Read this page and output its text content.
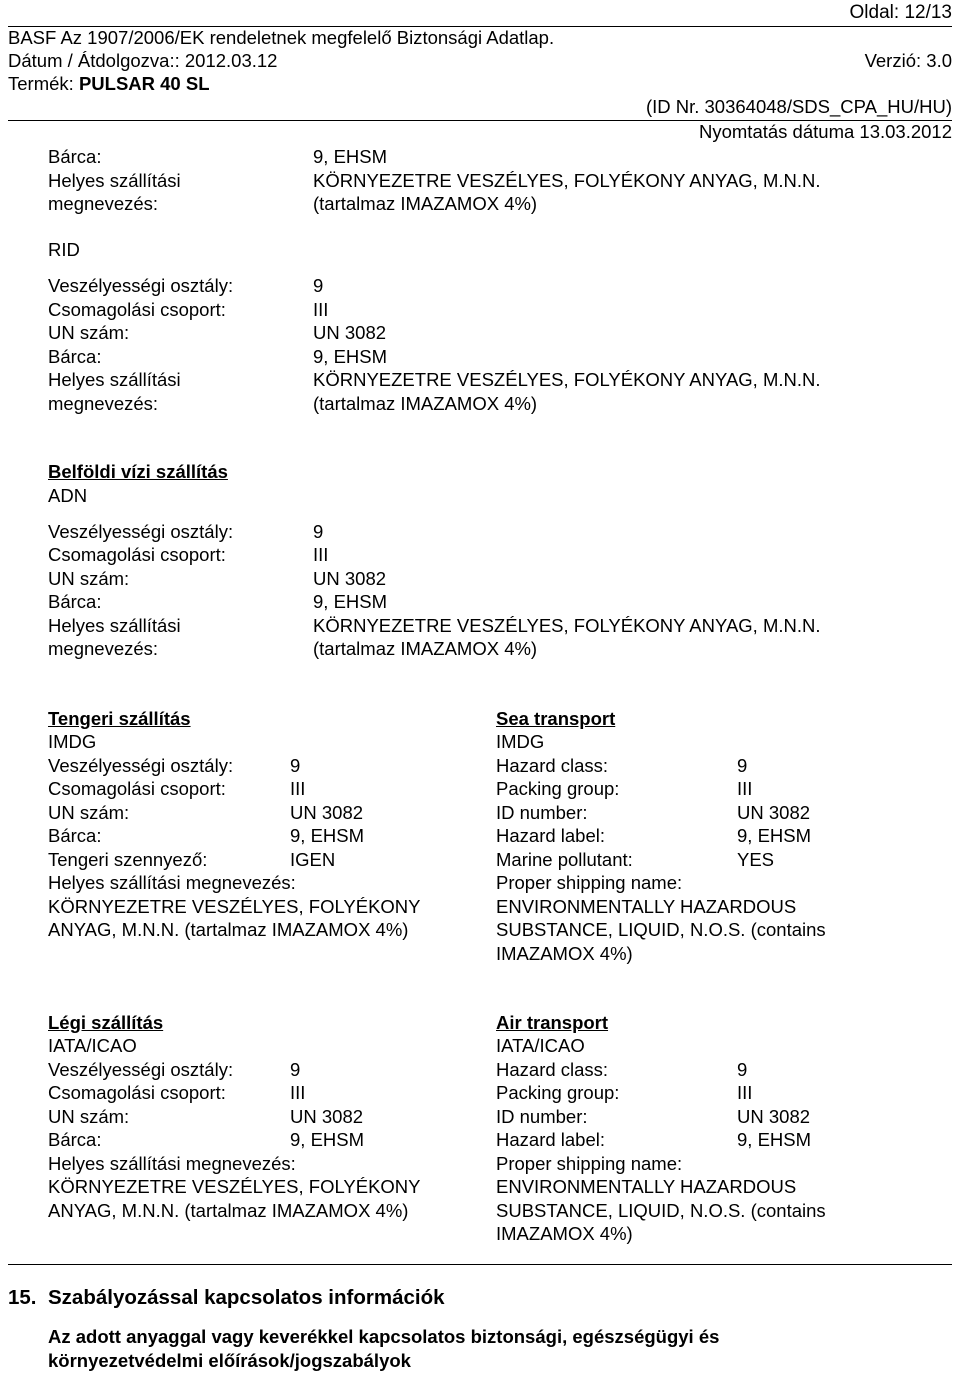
Oldal: 12/13
BASF Az 1907/2006/EK rendeletnek megfelelő Biztonsági Adatlap.
Dátum / Átdolgozva:: 2012.03.12	Verzió: 3.0
Termék: PULSAR 40 SL
(ID Nr. 30364048/SDS_CPA_HU/HU)
Nyomtatás dátuma 13.03.2012
Bárca:	9, EHSM
Helyes szállítási	KÖRNYEZETRE VESZÉLYES, FOLYÉKONY ANYAG, M.N.N.
megnevezés:	(tartalmaz IMAZAMOX 4%)
RID
Veszélyességi osztály:	9
Csomagolási csoport:	III
UN szám:	UN 3082
Bárca:	9, EHSM
Helyes szállítási	KÖRNYEZETRE VESZÉLYES, FOLYÉKONY ANYAG, M.N.N.
megnevezés:	(tartalmaz IMAZAMOX 4%)
Belföldi vízi szállítás
ADN
Veszélyességi osztály:	9
Csomagolási csoport:	III
UN szám:	UN 3082
Bárca:	9, EHSM
Helyes szállítási	KÖRNYEZETRE VESZÉLYES, FOLYÉKONY ANYAG, M.N.N.
megnevezés:	(tartalmaz IMAZAMOX 4%)
Tengeri szállítás
IMDG
Veszélyességi osztály:	9
Csomagolási csoport:	III
UN szám:	UN 3082
Bárca:	9, EHSM
Tengeri szennyező:	IGEN
Helyes szállítási megnevezés:
KÖRNYEZETRE VESZÉLYES, FOLYÉKONY
ANYAG, M.N.N. (tartalmaz IMAZAMOX 4%)
Sea transport
IMDG
Hazard class:	9
Packing group:	III
ID number:	UN 3082
Hazard label:	9, EHSM
Marine pollutant:	YES
Proper shipping name:
ENVIRONMENTALLY HAZARDOUS
SUBSTANCE, LIQUID, N.O.S. (contains
IMAZAMOX 4%)
Légi szállítás
IATA/ICAO
Veszélyességi osztály:	9
Csomagolási csoport:	III
UN szám:	UN 3082
Bárca:	9, EHSM
Helyes szállítási megnevezés:
KÖRNYEZETRE VESZÉLYES, FOLYÉKONY
ANYAG, M.N.N. (tartalmaz IMAZAMOX 4%)
Air transport
IATA/ICAO
Hazard class:	9
Packing group:	III
ID number:	UN 3082
Hazard label:	9, EHSM
Proper shipping name:
ENVIRONMENTALLY HAZARDOUS
SUBSTANCE, LIQUID, N.O.S. (contains
IMAZAMOX 4%)
15. Szabályozással kapcsolatos információk
Az adott anyaggal vagy keverékkel kapcsolatos biztonsági, egészségügyi és
környezetvédelmi előírások/jogszabályok
